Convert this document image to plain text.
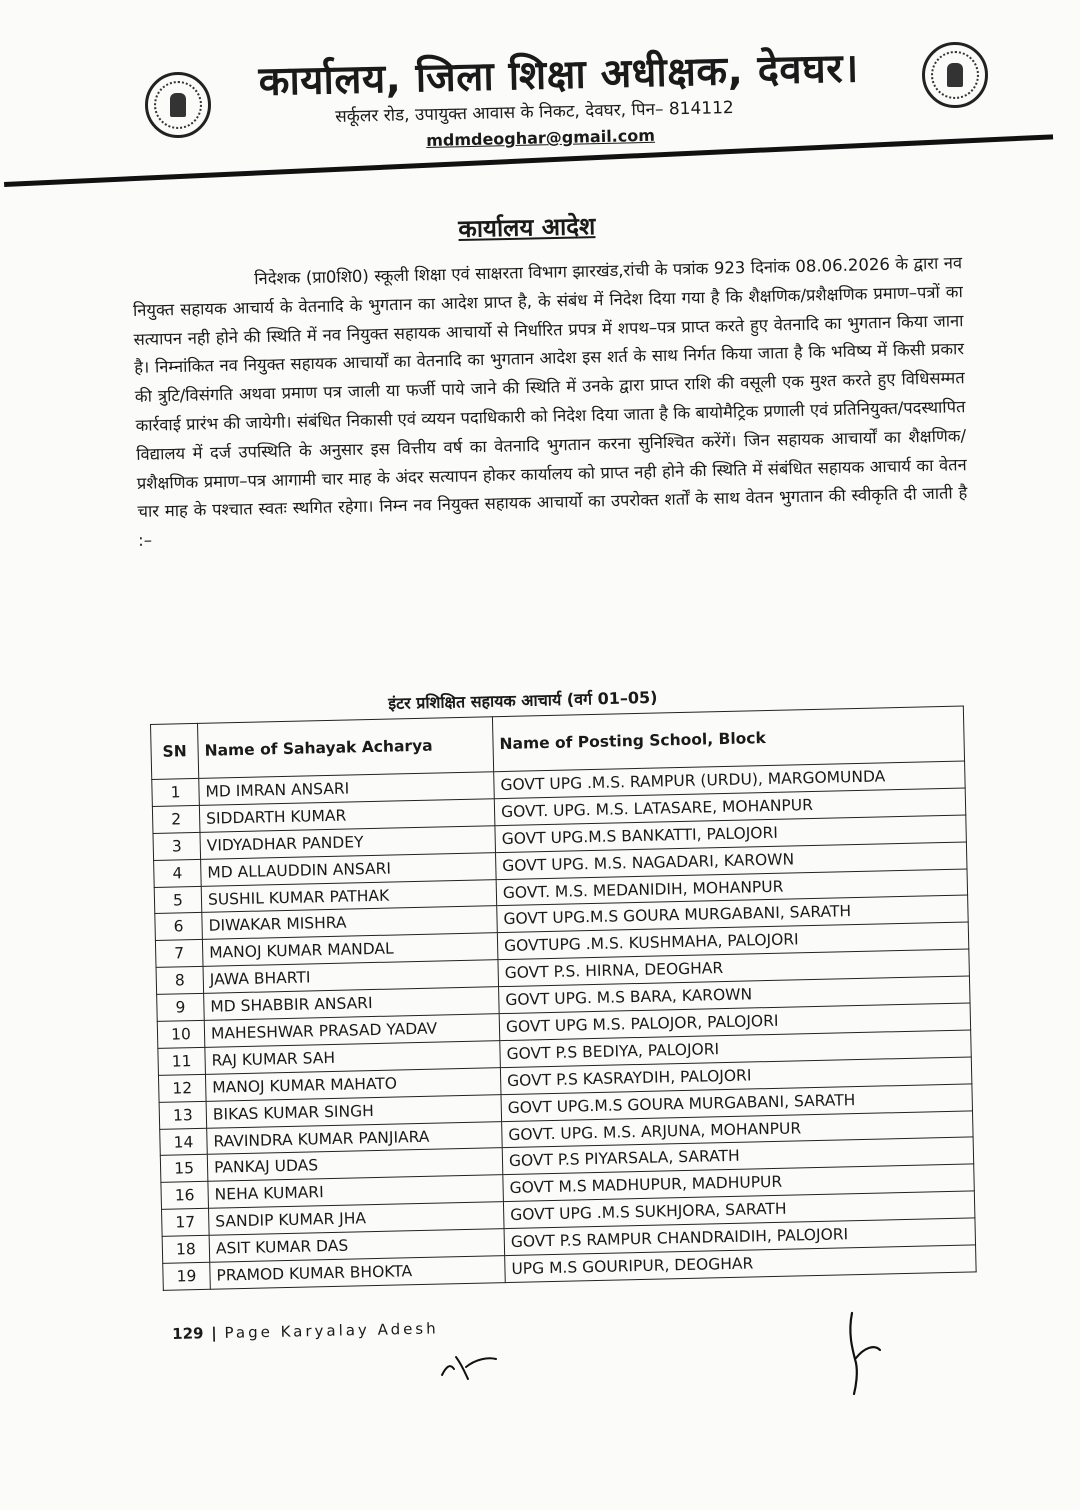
कार्यालय, जिला शिक्षा अधीक्षक, देवघर।
सर्कूलर रोड, उपायुक्त आवास के निकट, देवघर, पिन– 814112
mdmdeoghar@gmail.com
कार्यालय आदेश
निदेशक (प्रा0शि0) स्कूली शिक्षा एवं साक्षरता विभाग झारखंड,रांची के पत्रांक 923 दिनांक 08.06.2026 के द्वारा नव नियुक्त सहायक आचार्य के वेतनादि के भुगतान का आदेश प्राप्त है, के संबंध में निदेश दिया गया है कि शैक्षणिक/प्रशैक्षणिक प्रमाण–पत्रों का सत्यापन नही होने की स्थिति में नव नियुक्त सहायक आचार्यो से निर्धारित प्रपत्र में शपथ–पत्र प्राप्त करते हुए वेतनादि का भुगतान किया जाना है। निम्नांकित नव नियुक्त सहायक आचार्यों का वेतनादि का भुगतान आदेश इस शर्त के साथ निर्गत किया जाता है कि भविष्य में किसी प्रकार की त्रुटि/विसंगति अथवा प्रमाण पत्र जाली या फर्जी पाये जाने की स्थिति में उनके द्वारा प्राप्त राशि की वसूली एक मुश्त करते हुए विधिसम्मत कार्रवाई प्रारंभ की जायेगी। संबंधित निकासी एवं व्ययन पदाधिकारी को निदेश दिया जाता है कि बायोमैट्रिक प्रणाली एवं प्रतिनियुक्त/पदस्थापित विद्यालय में दर्ज उपस्थिति के अनुसार इस वित्तीय वर्ष का वेतनादि भुगतान करना सुनिश्चित करेंगें। जिन सहायक आचार्यों का शैक्षणिक/प्रशैक्षणिक प्रमाण–पत्र आगामी चार माह के अंदर सत्यापन होकर कार्यालय को प्राप्त नही होने की स्थिति में संबंधित सहायक आचार्य का वेतन चार माह के पश्चात स्वतः स्थगित रहेगा। निम्न नव नियुक्त सहायक आचार्यो का उपरोक्त शर्तों के साथ वेतन भुगतान की स्वीकृति दी जाती है :–
इंटर प्रशिक्षित सहायक आचार्य (वर्ग 01–05)
SN	Name of Sahayak Acharya	Name of Posting School, Block
1	MD IMRAN ANSARI	GOVT UPG .M.S. RAMPUR (URDU), MARGOMUNDA
2	SIDDARTH KUMAR	GOVT. UPG. M.S. LATASARE, MOHANPUR
3	VIDYADHAR PANDEY	GOVT UPG.M.S BANKATTI, PALOJORI
4	MD ALLAUDDIN ANSARI	GOVT UPG. M.S. NAGADARI, KAROWN
5	SUSHIL KUMAR PATHAK	GOVT. M.S. MEDANIDIH, MOHANPUR
6	DIWAKAR MISHRA	GOVT UPG.M.S GOURA MURGABANI, SARATH
7	MANOJ KUMAR MANDAL	GOVTUPG .M.S. KUSHMAHA, PALOJORI
8	JAWA BHARTI	GOVT P.S. HIRNA, DEOGHAR
9	MD SHABBIR ANSARI	GOVT UPG. M.S BARA, KAROWN
10	MAHESHWAR PRASAD YADAV	GOVT UPG M.S. PALOJOR, PALOJORI
11	RAJ KUMAR SAH	GOVT P.S BEDIYA, PALOJORI
12	MANOJ KUMAR MAHATO	GOVT P.S KASRAYDIH, PALOJORI
13	BIKAS KUMAR SINGH	GOVT UPG.M.S GOURA MURGABANI, SARATH
14	RAVINDRA KUMAR PANJIARA	GOVT. UPG. M.S. ARJUNA, MOHANPUR
15	PANKAJ UDAS	GOVT P.S PIYARSALA, SARATH
16	NEHA KUMARI	GOVT M.S MADHUPUR, MADHUPUR
17	SANDIP KUMAR JHA	GOVT UPG .M.S SUKHJORA, SARATH
18	ASIT KUMAR DAS	GOVT P.S RAMPUR CHANDRAIDIH, PALOJORI
19	PRAMOD KUMAR BHOKTA	UPG M.S GOURIPUR, DEOGHAR
129 | Page Karyalay Adesh
